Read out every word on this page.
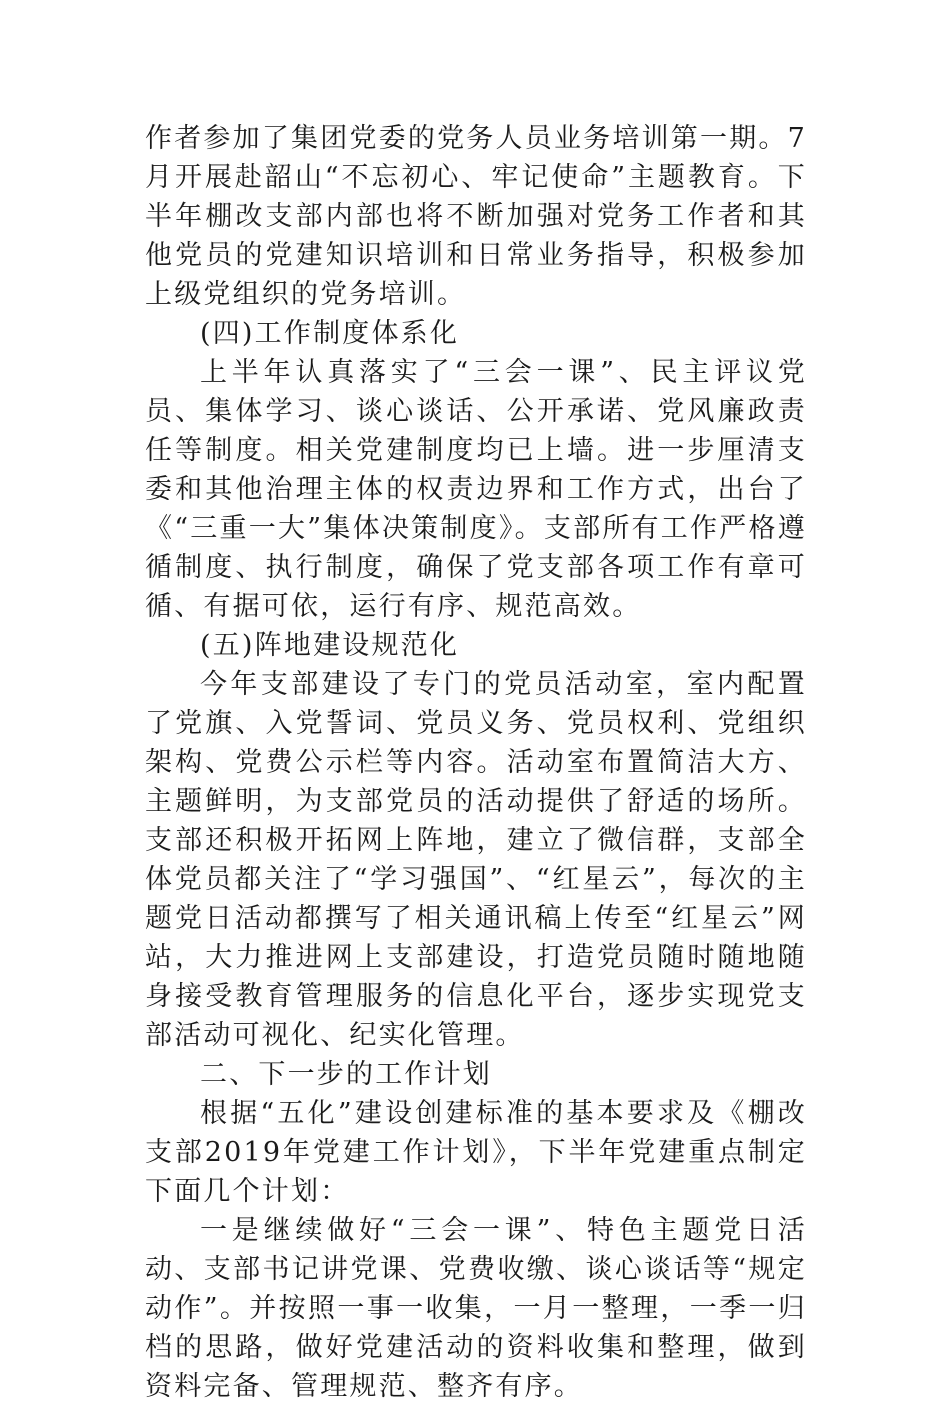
作者参加了集团党委的党务人员业务培训第一期。7月开展赴韶山“不忘初心、牢记使命”主题教育。下半年棚改支部内部也将不断加强对党务工作者和其他党员的党建知识培训和日常业务指导，积极参加上级党组织的党务培训。

(四)工作制度体系化

上半年认真落实了“三会一课”、民主评议党员、集体学习、谈心谈话、公开承诺、党风廉政责任等制度。相关党建制度均已上墙。进一步厘清支委和其他治理主体的权责边界和工作方式，出台了《“三重一大”集体决策制度》。支部所有工作严格遵循制度、执行制度，确保了党支部各项工作有章可循、有据可依，运行有序、规范高效。

(五)阵地建设规范化

今年支部建设了专门的党员活动室，室内配置了党旗、入党誓词、党员义务、党员权利、党组织架构、党费公示栏等内容。活动室布置简洁大方、主题鲜明，为支部党员的活动提供了舒适的场所。支部还积极开拓网上阵地，建立了微信群，支部全体党员都关注了“学习强国”、“红星云”，每次的主题党日活动都撰写了相关通讯稿上传至“红星云”网站，大力推进网上支部建设，打造党员随时随地随身接受教育管理服务的信息化平台，逐步实现党支部活动可视化、纪实化管理。

二、下一步的工作计划

根据“五化”建设创建标准的基本要求及《棚改支部2019年党建工作计划》，下半年党建重点制定下面几个计划：

一是继续做好“三会一课”、特色主题党日活动、支部书记讲党课、党费收缴、谈心谈话等“规定动作”。并按照一事一收集，一月一整理，一季一归档的思路，做好党建活动的资料收集和整理，做到资料完备、管理规范、整齐有序。
